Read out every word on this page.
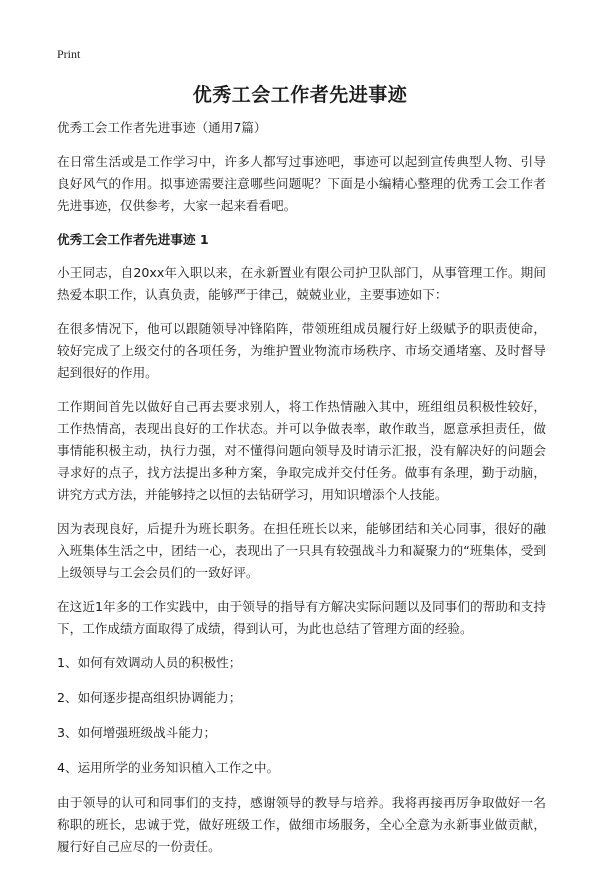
Print
优秀工会工作者先进事迹

优秀工会工作者先进事迹（通用7篇）

在日常生活或是工作学习中，许多人都写过事迹吧，事迹可以起到宣传典型人物、引导良好风气的作用。拟事迹需要注意哪些问题呢？下面是小编精心整理的优秀工会工作者先进事迹，仅供参考，大家一起来看看吧。

优秀工会工作者先进事迹 1

小王同志，自20xx年入职以来，在永新置业有限公司护卫队部门，从事管理工作。期间热爱本职工作，认真负责，能够严于律己，兢兢业业，主要事迹如下：

在很多情况下，他可以跟随领导冲锋陷阵，带领班组成员履行好上级赋予的职责使命，较好完成了上级交付的各项任务，为维护置业物流市场秩序、市场交通堵塞、及时督导起到很好的作用。

工作期间首先以做好自己再去要求别人，将工作热情融入其中，班组组员积极性较好，工作热情高，表现出良好的工作状态。并可以争做表率，敢作敢当，愿意承担责任，做事情能积极主动，执行力强，对不懂得问题向领导及时请示汇报，没有解决好的问题会寻求好的点子，找方法提出多种方案，争取完成并交付任务。做事有条理，勤于动脑，讲究方式方法，并能够持之以恒的去钻研学习，用知识增添个人技能。

因为表现良好，后提升为班长职务。在担任班长以来，能够团结和关心同事，很好的融入班集体生活之中，团结一心，表现出了一只具有较强战斗力和凝聚力的“班集体，受到上级领导与工会会员们的一致好评。

在这近1年多的工作实践中，由于领导的指导有方解决实际问题以及同事们的帮助和支持下，工作成绩方面取得了成绩，得到认可，为此也总结了管理方面的经验。

1、如何有效调动人员的积极性；

2、如何逐步提高组织协调能力；

3、如何增强班级战斗能力；

4、运用所学的业务知识植入工作之中。

由于领导的认可和同事们的支持，感谢领导的教导与培养。我将再接再厉争取做好一名称职的班长，忠诚于党，做好班级工作，做细市场服务，全心全意为永新事业做贡献，履行好自己应尽的一份责任。
